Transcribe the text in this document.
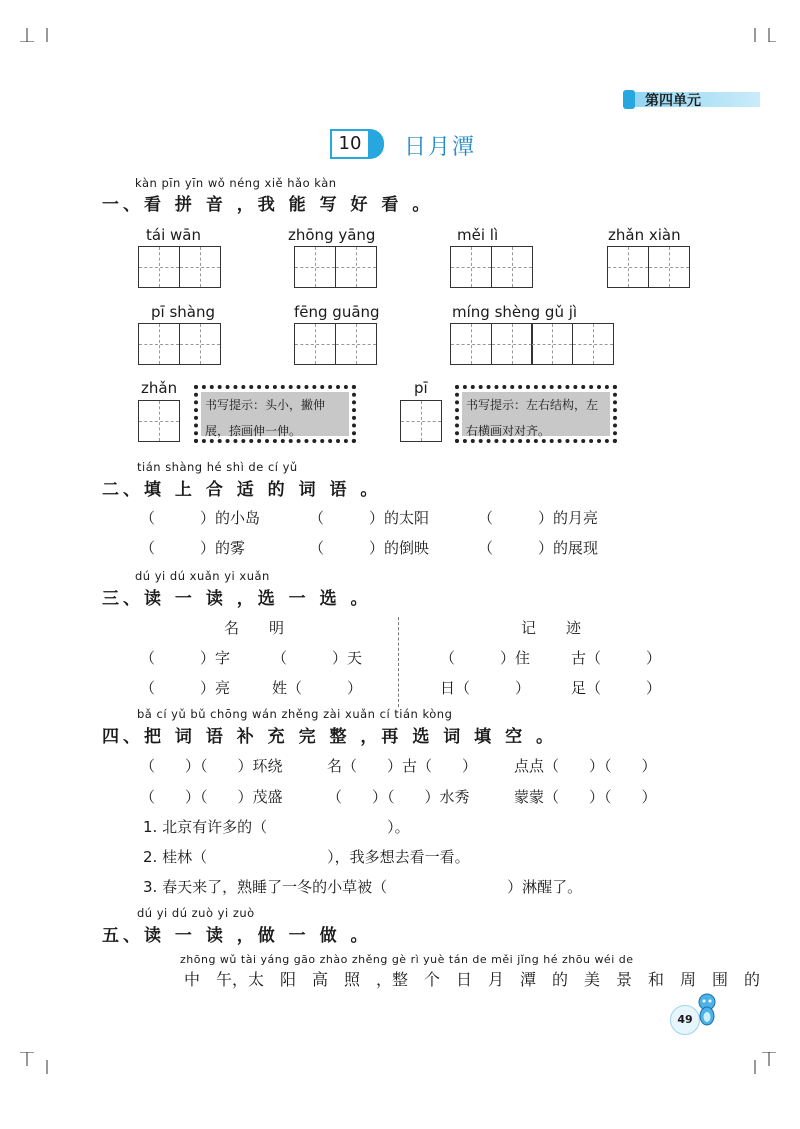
第四单元
10	日月潭
kàn pīn yīn wǒ néng xiě hǎo kàn
一、看 拼 音 ，我 能 写 好 看 。
tái wān	zhōng yāng	měi lì	zhǎn xiàn
pī shàng	fēng guāng	míng shèng gǔ jì
zhǎn
书写提示：头小，撇伸展，捺画伸一伸。
pī
书写提示：左右结构，左右横画对对齐。
tián shàng hé shì de cí yǔ
二、填 上 合 适 的 词 语 。
（　　　）的小岛	（　　　）的太阳	（　　　）的月亮
（　　　）的雾	（　　　）的倒映	（　　　）的展现
dú yi dú xuǎn yi xuǎn
三、读 一 读 ，选 一 选 。
名　　明	记　　迹
（　　　）字	（　　　）天
（　　　）亮	姓（　　　）
（　　　）住	古（　　　）
日（　　　）	足（　　　）
bǎ cí yǔ bǔ chōng wán zhěng zài xuǎn cí tián kòng
四、把 词 语 补 充 完 整 ，再 选 词 填 空 。
（　　）（　　）环绕	名（　　）古（　　） 点点（　　）（　　）
（　　）（　　）茂盛	（　　）（　　）水秀	蒙蒙（　　）（　　）
1. 北京有许多的（　　　　　　　　）。
2. 桂林（　　　　　　　　），我多想去看一看。
3. 春天来了，熟睡了一冬的小草被（　　　　　　　　）淋醒了。
dú yi dú zuò yi zuò
五、读 一 读 ，做 一 做 。
zhōng wǔ tài yáng gāo zhào zhěng gè rì yuè tán de měi jǐng hé zhōu wéi de
中　午，太　阳　高　照　，整　个　日　月　潭　的　美　景　和　周　围　的
49
